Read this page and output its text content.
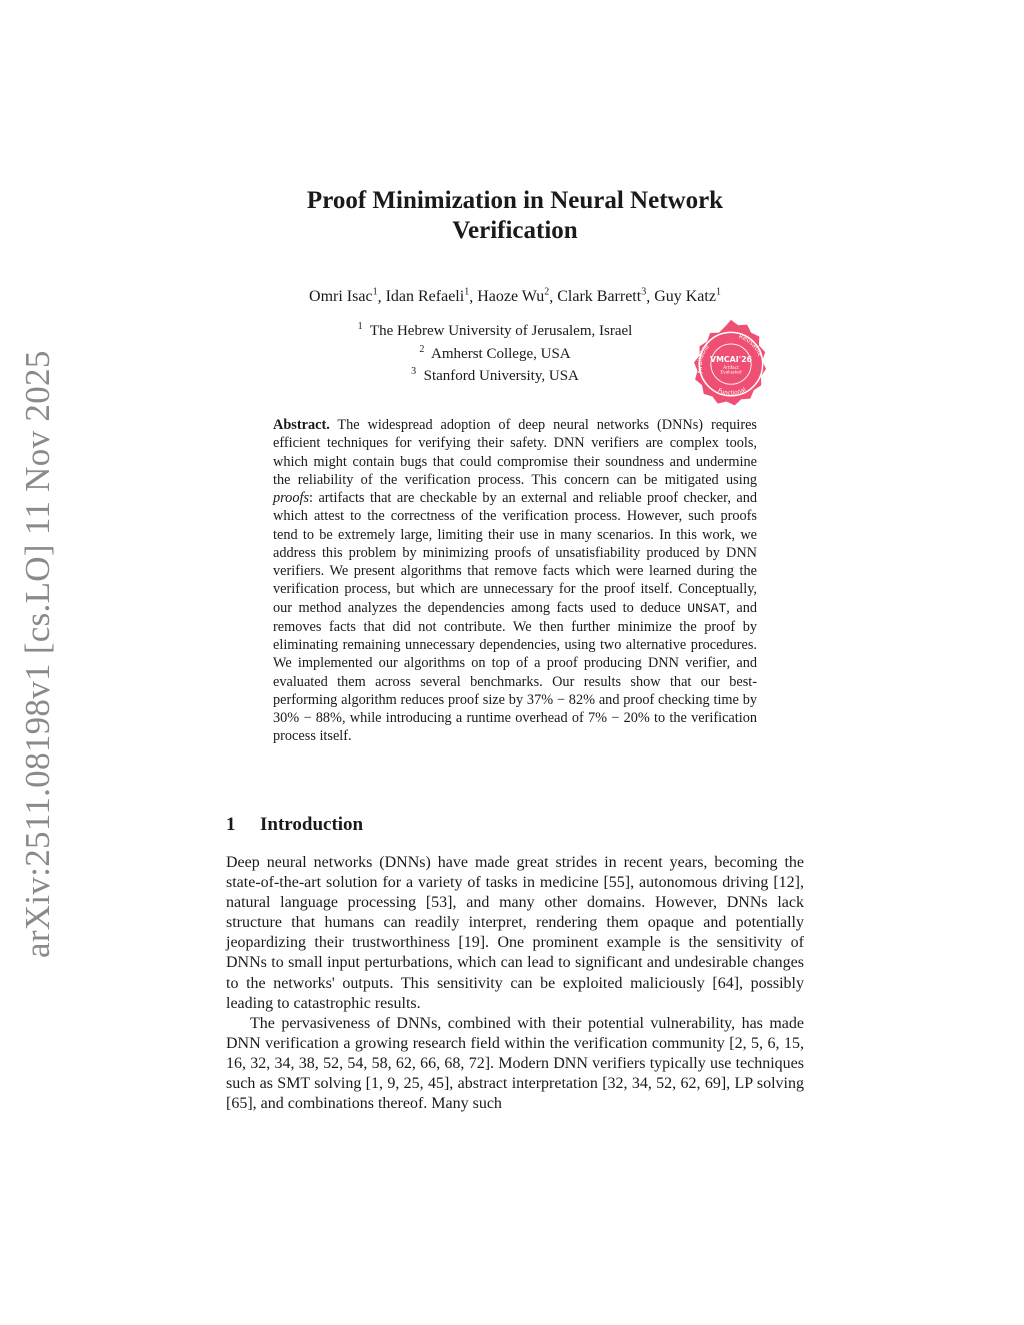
arXiv:2511.08198v1 [cs.LO] 11 Nov 2025
Proof Minimization in Neural Network
Verification
Omri Isac$^1$, Idan Refaeli$^1$, Haoze Wu$^2$, Clark Barrett$^3$, Guy Katz$^1$
$^1$ The Hebrew University of Jerusalem, Israel
$^2$ Amherst College, USA
$^3$ Stanford University, USA	Available
Reusable
Functional
VMCAI'26
Artifact
Evaluated
Abstract. The widespread adoption of deep neural networks (DNNs) requires efficient techniques for verifying their safety. DNN verifiers are complex tools, which might contain bugs that could compromise their soundness and undermine the reliability of the verification process. This concern can be mitigated using proofs: artifacts that are checkable by an external and reliable proof checker, and which attest to the correctness of the verification process. However, such proofs tend to be extremely large, limiting their use in many scenarios. In this work, we address this problem by minimizing proofs of unsatisfiability produced by DNN verifiers. We present algorithms that remove facts which were learned during the verification process, but which are unnecessary for the proof itself. Conceptually, our method analyzes the dependencies among facts used to deduce UNSAT, and removes facts that did not contribute. We then further minimize the proof by eliminating remaining unnecessary dependencies, using two alternative procedures. We implemented our algorithms on top of a proof producing DNN verifier, and evaluated them across several benchmarks. Our results show that our best-performing algorithm reduces proof size by 37% − 82% and proof checking time by 30% − 88%, while introducing a runtime overhead of 7% − 20% to the verification process itself.
1 Introduction

Deep neural networks (DNNs) have made great strides in recent years, becoming the state-of-the-art solution for a variety of tasks in medicine [55], autonomous driving [12], natural language processing [53], and many other domains. However, DNNs lack structure that humans can readily interpret, rendering them opaque and potentially jeopardizing their trustworthiness [19]. One prominent example is the sensitivity of DNNs to small input perturbations, which can lead to significant and undesirable changes to the networks' outputs. This sensitivity can be exploited maliciously [64], possibly leading to catastrophic results.

The pervasiveness of DNNs, combined with their potential vulnerability, has made DNN verification a growing research field within the verification community [2, 5, 6, 15, 16, 32, 34, 38, 52, 54, 58, 62, 66, 68, 72]. Modern DNN verifiers typically use techniques such as SMT solving [1, 9, 25, 45], abstract interpretation [32, 34, 52, 62, 69], LP solving [65], and combinations thereof. Many such
